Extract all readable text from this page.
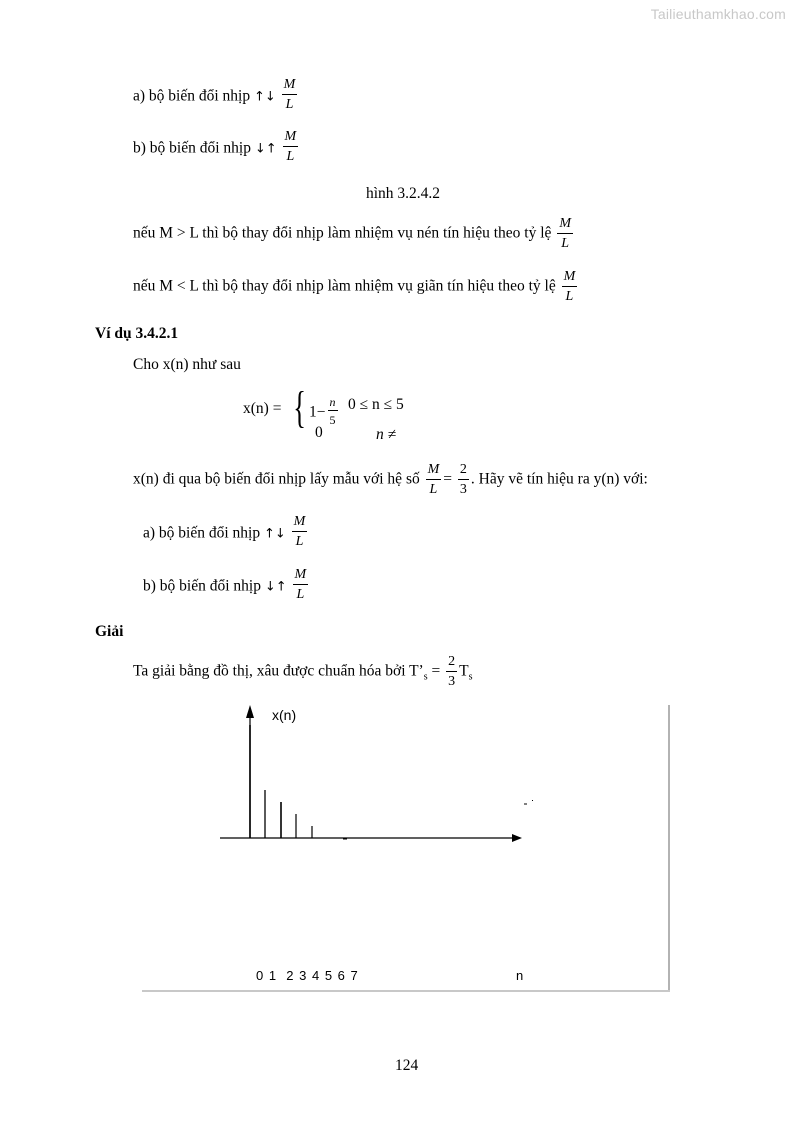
Tailieuthamkhao.com
a) bộ biến đổi nhịp ↑↓ $\frac{M}{L}$
b) bộ biến đổi nhịp ↓↑ $\frac{M}{L}$
hình 3.2.4.2
nếu M > L thì bộ thay đổi nhịp làm nhiệm vụ nén tín hiệu theo tỷ lệ $\frac{M}{L}$
nếu M < L thì bộ thay đổi nhịp làm nhiệm vụ giãn tín hiệu theo tỷ lệ $\frac{M}{L}$
Ví dụ 3.4.2.1
Cho x(n) như sau
x(n) = { $1- \frac{n}{5} 0 \le n \le 5$
0	n ≠
x(n) đi qua bộ biến đổi nhịp lấy mẫu với hệ số $\frac{M}{L} = \frac{2}{3}$ . Hãy vẽ tín hiệu ra y(n) với:
a) bộ biến đổi nhịp ↑↓ $\frac{M}{L}$
b) bộ biến đổi nhịp ↓↑ $\frac{M}{L}$
Giải
Ta giải bằng đồ thị, xâu được chuẩn hóa bởi $T’_s = \frac{2}{3} T_s$
x(n)
0 1  2 3 4 5 6 7	n
124
